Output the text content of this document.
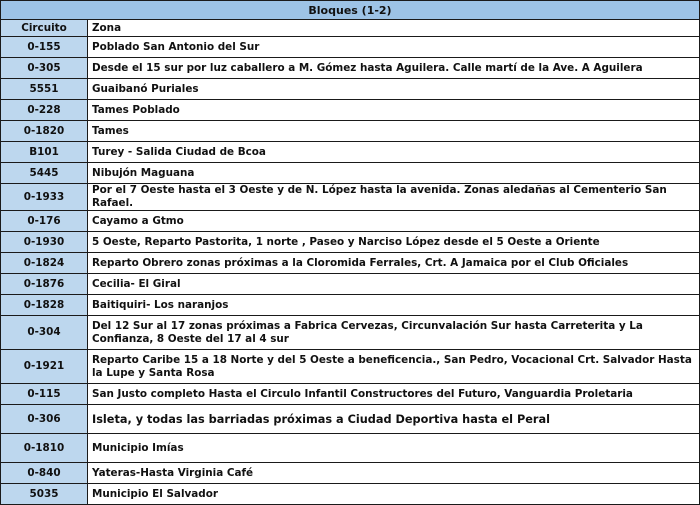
Bloques (1-2)	
Circuito	Zona
0-155	Poblado San Antonio del Sur
0-305	Desde el 15 sur por luz caballero a M. Gómez hasta Aguilera. Calle martí de la Ave. A Aguilera
5551	Guaibanó Puriales
0-228	Tames Poblado
0-1820	Tames
B101	Turey - Salida Ciudad de Bcoa
5445	Nibujón Maguana
0-1933	Por el 7 Oeste hasta el 3 Oeste y de N. López hasta la avenida. Zonas aledañas al Cementerio San Rafael.
0-176	Cayamo a Gtmo
0-1930	5 Oeste, Reparto Pastorita, 1 norte , Paseo y Narciso López desde el 5 Oeste a Oriente
0-1824	Reparto Obrero zonas próximas a la Cloromida Ferrales, Crt. A Jamaica por el Club Oficiales
0-1876	Cecilia- El Giral
0-1828	Baitiquiri- Los naranjos
0-304	Del 12 Sur al 17 zonas próximas a Fabrica Cervezas, Circunvalación Sur hasta Carreterita y La Confianza, 8 Oeste del 17 al 4 sur
0-1921	Reparto Caribe 15 a 18 Norte y del 5 Oeste a beneficencia., San Pedro, Vocacional Crt. Salvador Hasta la Lupe y Santa Rosa
0-115	San Justo completo Hasta el Circulo Infantil Constructores del Futuro, Vanguardia Proletaria
0-306	Isleta, y todas las barriadas próximas a Ciudad Deportiva hasta el Peral
0-1810	Municipio Imías
0-840	Yateras-Hasta Virginia Café
5035	Municipio El Salvador
